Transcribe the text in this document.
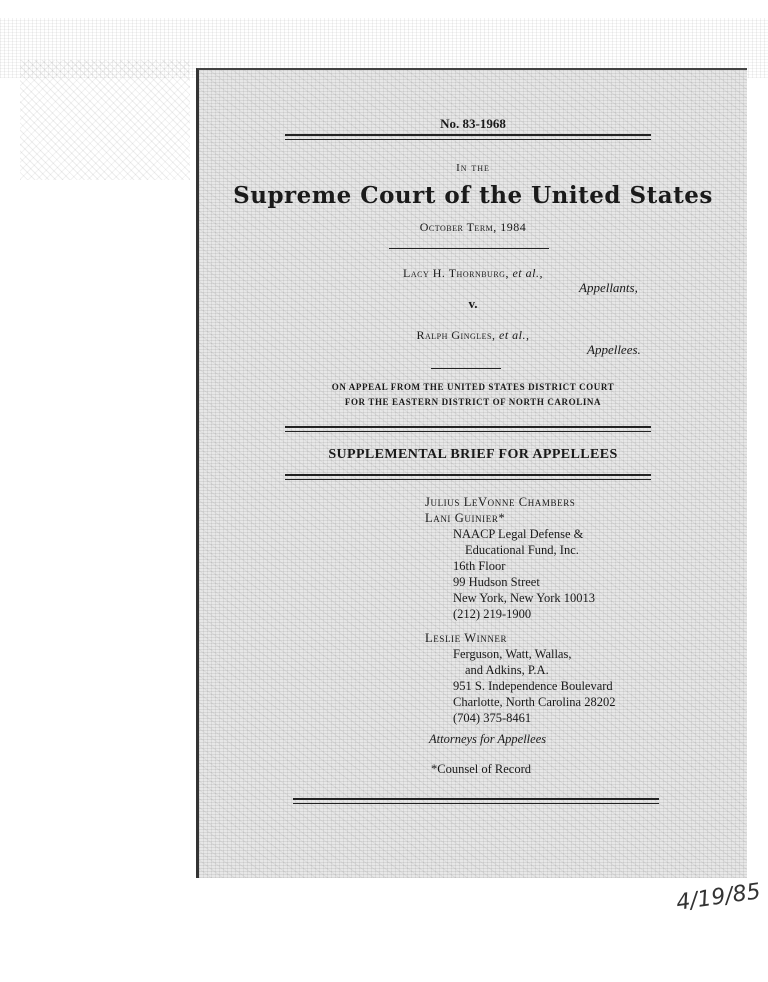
No. 83-1968
In the
Supreme Court of the United States
October Term, 1984
Lacy H. Thornburg, et al.,
Appellants,
v.
Ralph Gingles, et al.,
Appellees.
ON APPEAL FROM THE UNITED STATES DISTRICT COURT
FOR THE EASTERN DISTRICT OF NORTH CAROLINA
SUPPLEMENTAL BRIEF FOR APPELLEES
Julius LeVonne Chambers
Lani Guinier*
NAACP Legal Defense &
Educational Fund, Inc.
16th Floor
99 Hudson Street
New York, New York 10013
(212) 219-1900
Leslie Winner
Ferguson, Watt, Wallas,
and Adkins, P.A.
951 S. Independence Boulevard
Charlotte, North Carolina 28202
(704) 375-8461
Attorneys for Appellees
*Counsel of Record
4/19/85
